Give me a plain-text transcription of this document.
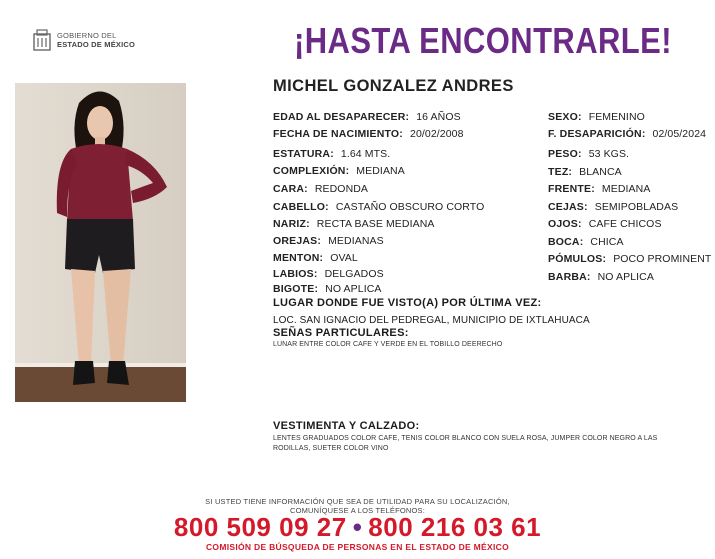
GOBIERNO DEL
ESTADO DE MÉXICO	¡HASTA ENCONTRARLE!
MICHEL GONZALEZ ANDRES
EDAD AL DESAPARECER: 16 AÑOS
FECHA DE NACIMIENTO: 20/02/2008
ESTATURA: 1.64 MTS.
COMPLEXIÓN: MEDIANA
CARA: REDONDA
CABELLO: CASTAÑO OBSCURO CORTO
NARIZ: RECTA BASE MEDIANA
OREJAS: MEDIANAS
MENTON: OVAL
LABIOS: DELGADOS
BIGOTE: NO APLICA
SEXO: FEMENINO
F. DESAPARICIÓN: 02/05/2024
PESO: 53 KGS.
TEZ: BLANCA
FRENTE: MEDIANA
CEJAS: SEMIPOBLADAS
OJOS: CAFE CHICOS
BOCA: CHICA
PÓMULOS: POCO PROMINENT
BARBA: NO APLICA
LUGAR DONDE FUE VISTO(A) POR ÚLTIMA VEZ:
LOC. SAN IGNACIO DEL PEDREGAL, MUNICIPIO DE IXTLAHUACA
SEÑAS PARTICULARES:
LUNAR ENTRE COLOR CAFE Y VERDE EN EL TOBILLO DEERECHO
VESTIMENTA Y CALZADO:
LENTES GRADUADOS COLOR CAFE, TENIS COLOR BLANCO CON SUELA ROSA, JUMPER COLOR NEGRO A LAS
RODILLAS, SUETER COLOR VINO
SI USTED TIENE INFORMACIÓN QUE SEA DE UTILIDAD PARA SU LOCALIZACIÓN,
COMUNÍQUESE A LOS TELÉFONOS:
800 509 09 27 • 800 216 03 61
COMISIÓN DE BÚSQUEDA DE PERSONAS EN EL ESTADO DE MÉXICO
